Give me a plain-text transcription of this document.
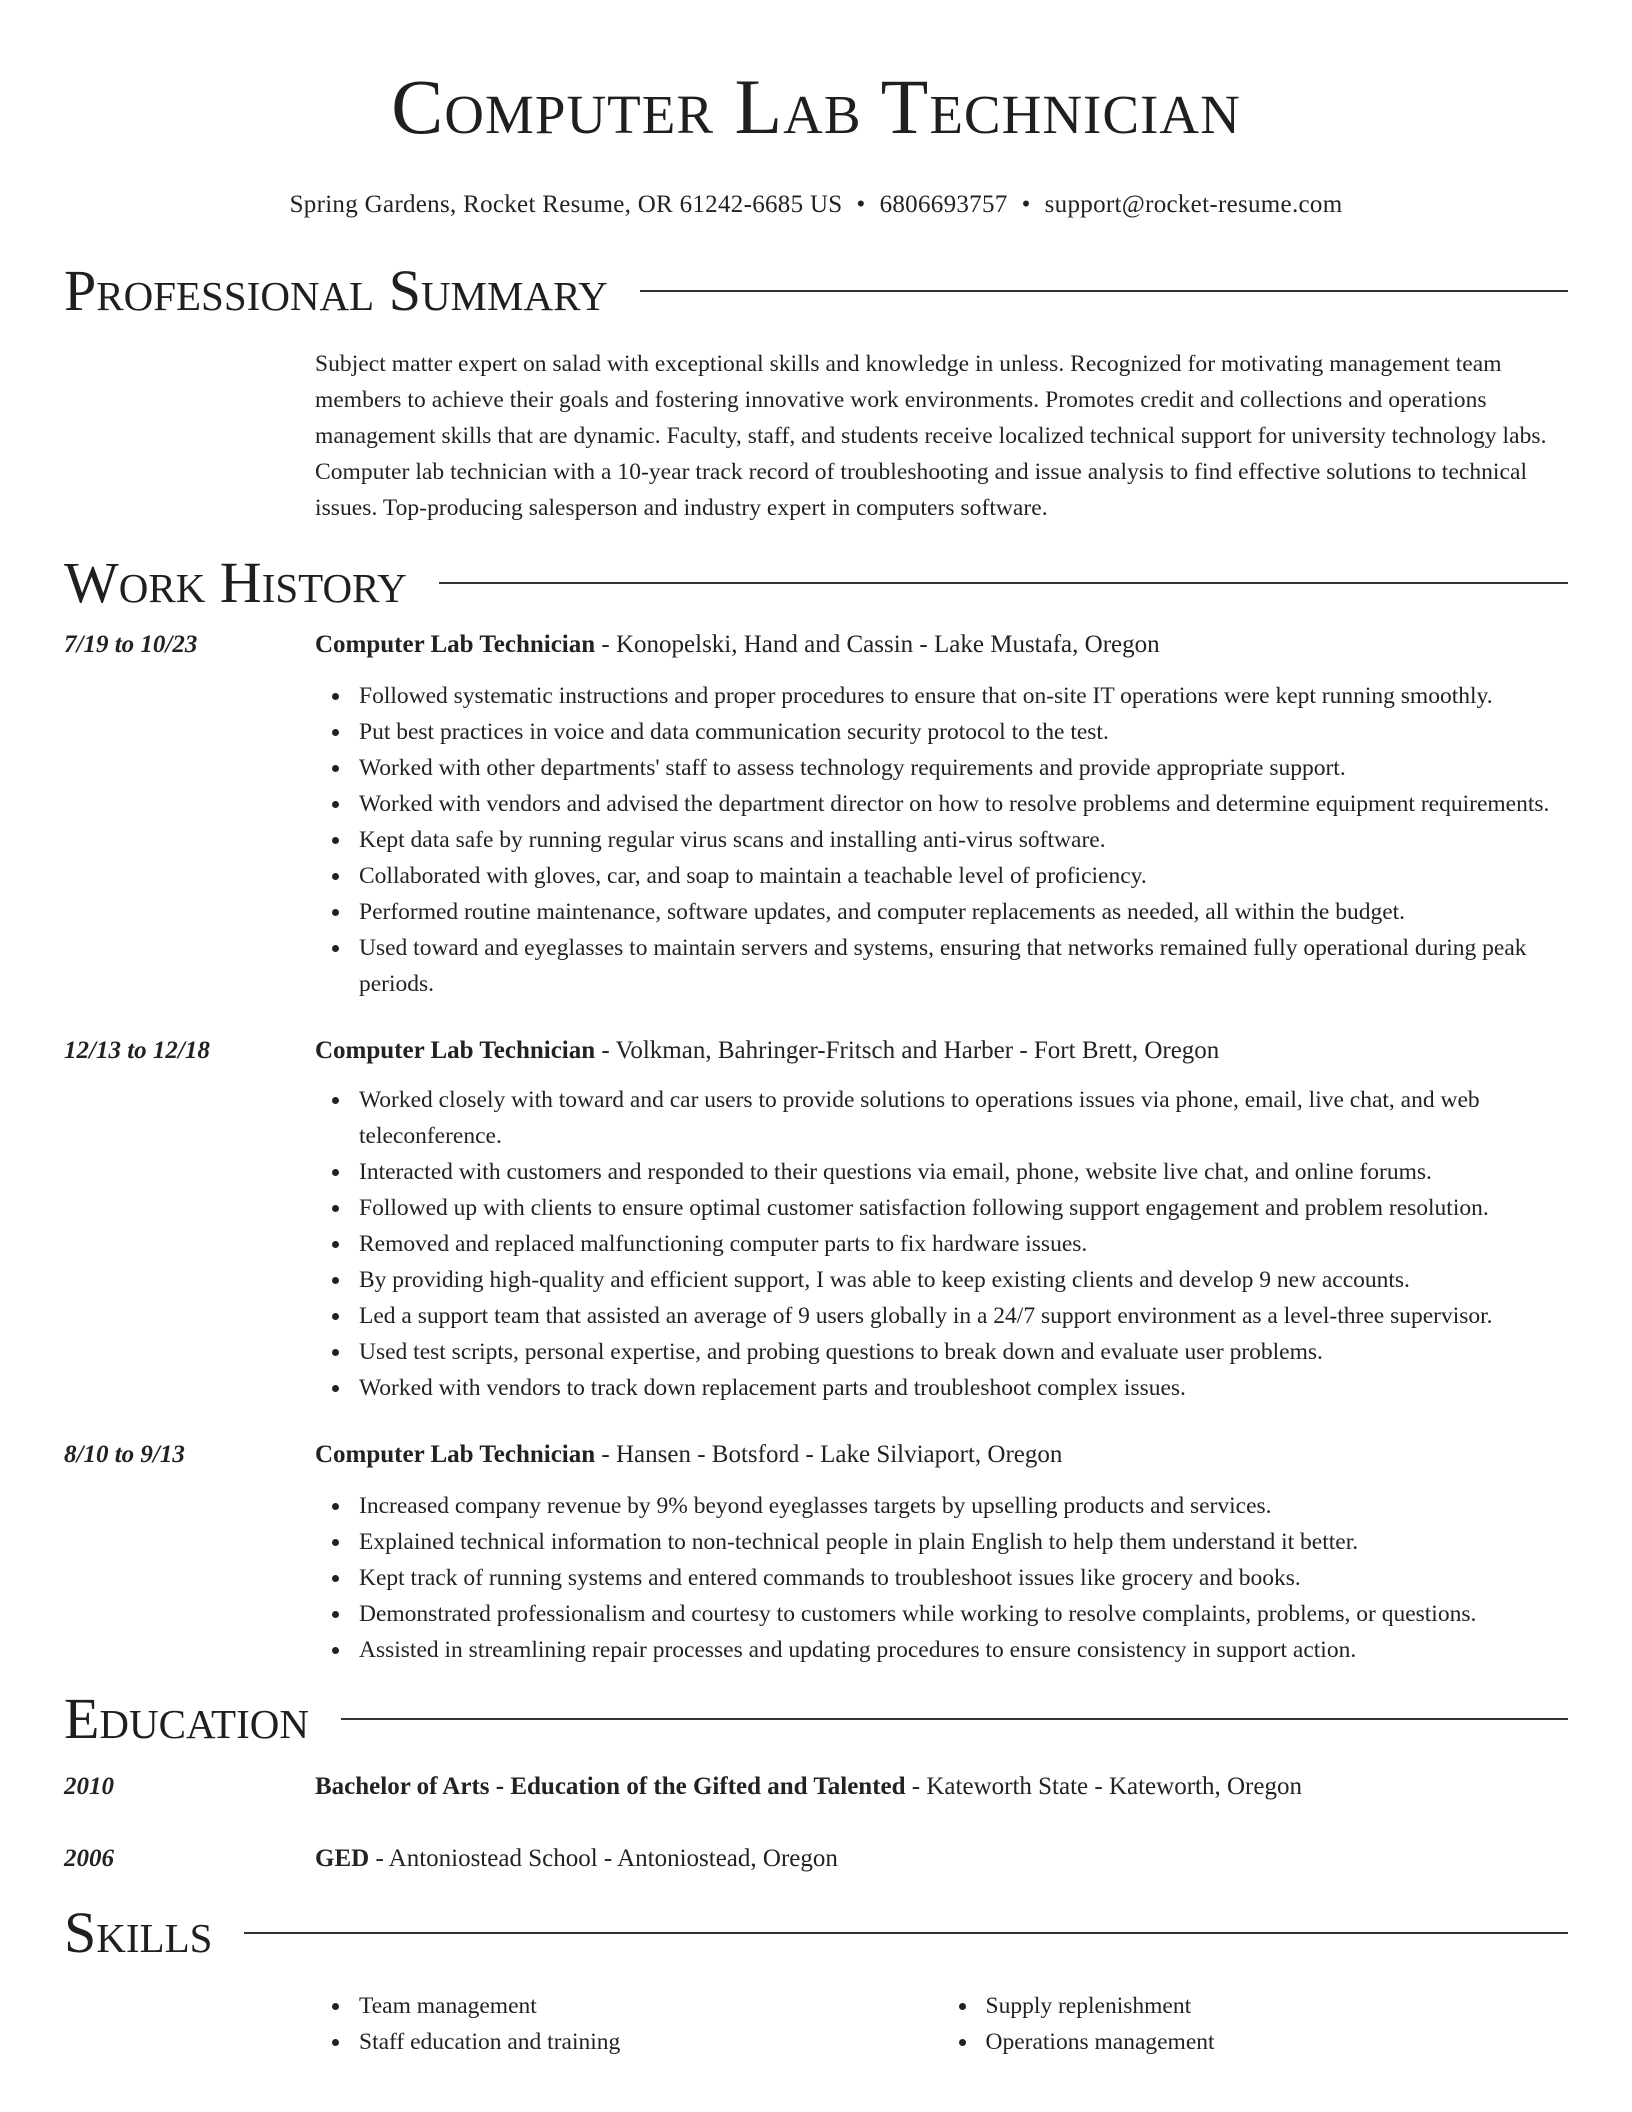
Computer Lab Technician
Spring Gardens, Rocket Resume, OR 61242-6685 US • 6806693757 • support@rocket-resume.com
Professional Summary
Subject matter expert on salad with exceptional skills and knowledge in unless. Recognized for motivating management team members to achieve their goals and fostering innovative work environments. Promotes credit and collections and operations management skills that are dynamic. Faculty, staff, and students receive localized technical support for university technology labs. Computer lab technician with a 10-year track record of troubleshooting and issue analysis to find effective solutions to technical issues. Top-producing salesperson and industry expert in computers software.
Work History
7/19 to 10/23	Computer Lab Technician - Konopelski, Hand and Cassin - Lake Mustafa, Oregon
Followed systematic instructions and proper procedures to ensure that on-site IT operations were kept running smoothly.
Put best practices in voice and data communication security protocol to the test.
Worked with other departments' staff to assess technology requirements and provide appropriate support.
Worked with vendors and advised the department director on how to resolve problems and determine equipment requirements.
Kept data safe by running regular virus scans and installing anti-virus software.
Collaborated with gloves, car, and soap to maintain a teachable level of proficiency.
Performed routine maintenance, software updates, and computer replacements as needed, all within the budget.
Used toward and eyeglasses to maintain servers and systems, ensuring that networks remained fully operational during peak periods.
12/13 to 12/18	Computer Lab Technician - Volkman, Bahringer-Fritsch and Harber - Fort Brett, Oregon
Worked closely with toward and car users to provide solutions to operations issues via phone, email, live chat, and web teleconference.
Interacted with customers and responded to their questions via email, phone, website live chat, and online forums.
Followed up with clients to ensure optimal customer satisfaction following support engagement and problem resolution.
Removed and replaced malfunctioning computer parts to fix hardware issues.
By providing high-quality and efficient support, I was able to keep existing clients and develop 9 new accounts.
Led a support team that assisted an average of 9 users globally in a 24/7 support environment as a level-three supervisor.
Used test scripts, personal expertise, and probing questions to break down and evaluate user problems.
Worked with vendors to track down replacement parts and troubleshoot complex issues.
8/10 to 9/13	Computer Lab Technician - Hansen - Botsford - Lake Silviaport, Oregon
Increased company revenue by 9% beyond eyeglasses targets by upselling products and services.
Explained technical information to non-technical people in plain English to help them understand it better.
Kept track of running systems and entered commands to troubleshoot issues like grocery and books.
Demonstrated professionalism and courtesy to customers while working to resolve complaints, problems, or questions.
Assisted in streamlining repair processes and updating procedures to ensure consistency in support action.
Education
2010	Bachelor of Arts - Education of the Gifted and Talented - Kateworth State - Kateworth, Oregon
2006	GED - Antoniostead School - Antoniostead, Oregon
Skills
Team management
Staff education and training
Supply replenishment
Operations management
